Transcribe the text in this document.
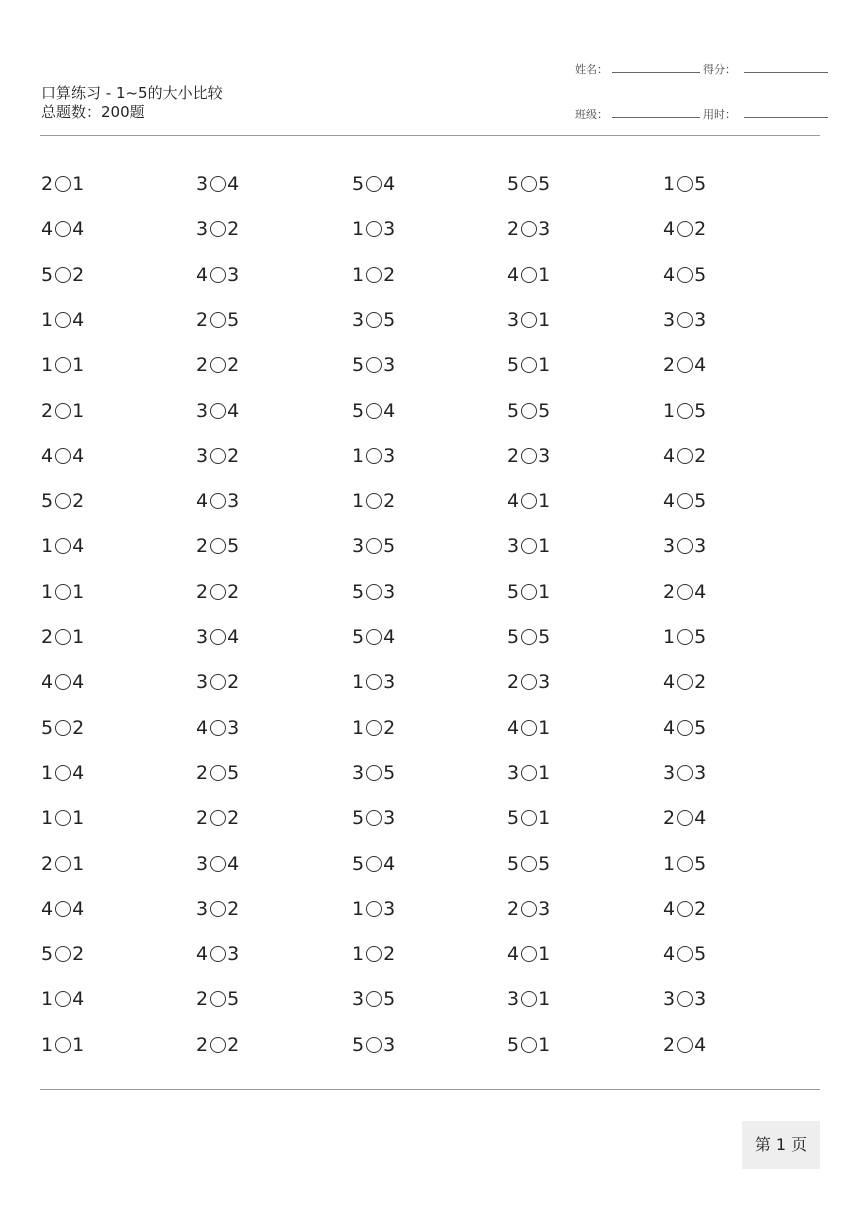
口算练习 - 1~5的大小比较
总题数：200题
姓名：	得分：
班级：	用时：
2 1	3 4	5 4	5 5	1 5
4 4	3 2	1 3	2 3	4 2
5 2	4 3	1 2	4 1	4 5
1 4	2 5	3 5	3 1	3 3
1 1	2 2	5 3	5 1	2 4
2 1	3 4	5 4	5 5	1 5
4 4	3 2	1 3	2 3	4 2
5 2	4 3	1 2	4 1	4 5
1 4	2 5	3 5	3 1	3 3
1 1	2 2	5 3	5 1	2 4
2 1	3 4	5 4	5 5	1 5
4 4	3 2	1 3	2 3	4 2
5 2	4 3	1 2	4 1	4 5
1 4	2 5	3 5	3 1	3 3
1 1	2 2	5 3	5 1	2 4
2 1	3 4	5 4	5 5	1 5
4 4	3 2	1 3	2 3	4 2
5 2	4 3	1 2	4 1	4 5
1 4	2 5	3 5	3 1	3 3
1 1	2 2	5 3	5 1	2 4
第 1 页
